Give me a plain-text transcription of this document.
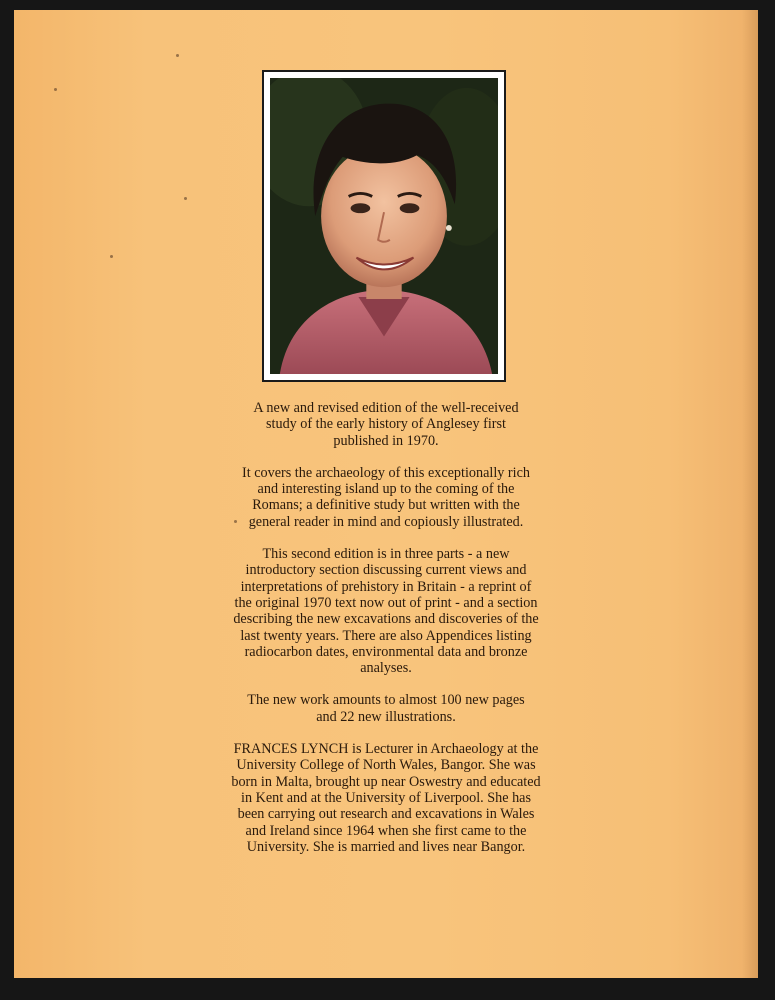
A new and revised edition of the well-received study of the early history of Anglesey first published in 1970.

It covers the archaeology of this exceptionally rich and interesting island up to the coming of the Romans; a definitive study but written with the general reader in mind and copiously illustrated.

This second edition is in three parts - a new introductory section discussing current views and interpretations of prehistory in Britain - a reprint of the original 1970 text now out of print - and a section describing the new excavations and discoveries of the last twenty years. There are also Appendices listing radiocarbon dates, environmental data and bronze analyses.

The new work amounts to almost 100 new pages and 22 new illustrations.

FRANCES LYNCH is Lecturer in Archaeology at the University College of North Wales, Bangor. She was born in Malta, brought up near Oswestry and educated in Kent and at the University of Liverpool. She has been carrying out research and excavations in Wales and Ireland since 1964 when she first came to the University. She is married and lives near Bangor.
